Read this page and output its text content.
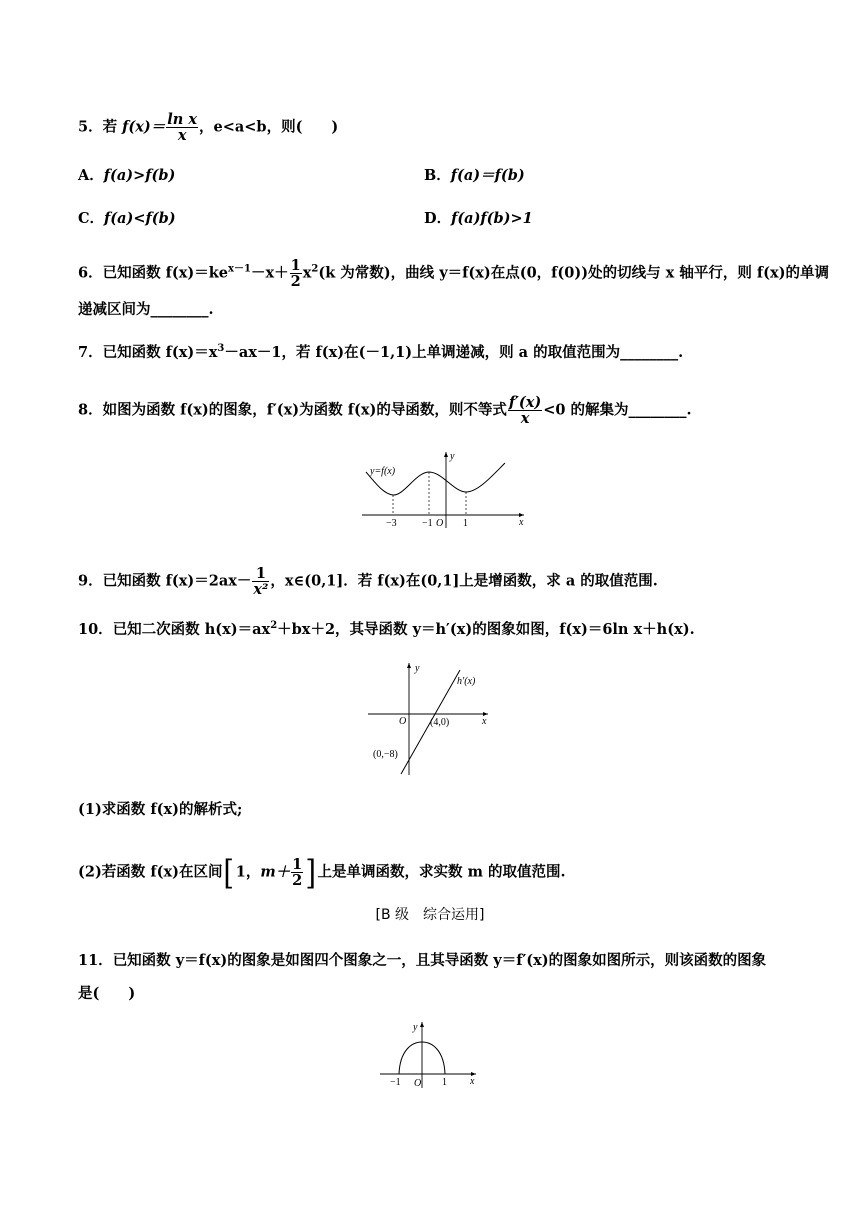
5．若 $f(x)= \frac{\text{ln x}}{x}$ ，e<a<b，则(　　)
A．f(a)>f(b)	B．f(a)＝f(b)
C．f(a)<f(b)	D．f(a)f(b)>1
6．已知函数 $f(x)=ke^{x-1}-x+ \frac{1}{2} x^2(k$ 为常数)，曲线 y＝f(x)在点(0，f(0))处的切线与 x 轴平行，则 f(x)的单调
递减区间为________.
7．已知函数 $f(x)=x^3-ax-1$，若 f(x)在(－1,1)上单调递减，则 a 的取值范围为________.
8．如图为函数 f(x)的图象，f′(x)为函数 f(x)的导函数，则不等式 $\frac{f'(x)}{x} <0$ 的解集为________.
y=f(x)
y
x
−3	−1 O 1
9．已知函数 $f(x)=2ax- \frac{1}{\text{x²}}$ ，x∈(0,1]．若 f(x)在(0,1]上是增函数，求 a 的取值范围.
10．已知二次函数 $h(x)=ax^2+bx+2$，其导函数 y＝h′(x)的图象如图，f(x)＝6ln x＋h(x).
y
x
h′(x)
O (4,0)
(0,−8)
(1)求函数 f(x)的解析式;
(2)若函数 f(x)在区间[1，$m+ \frac{1}{2}$ ]上是单调函数，求实数 m 的取值范围.
[B 级　综合运用]
11．已知函数 y＝f(x)的图象是如图四个图象之一，且其导函数 y＝f′(x)的图象如图所示，则该函数的图象
是(　　)
y
x
−1 O 1
